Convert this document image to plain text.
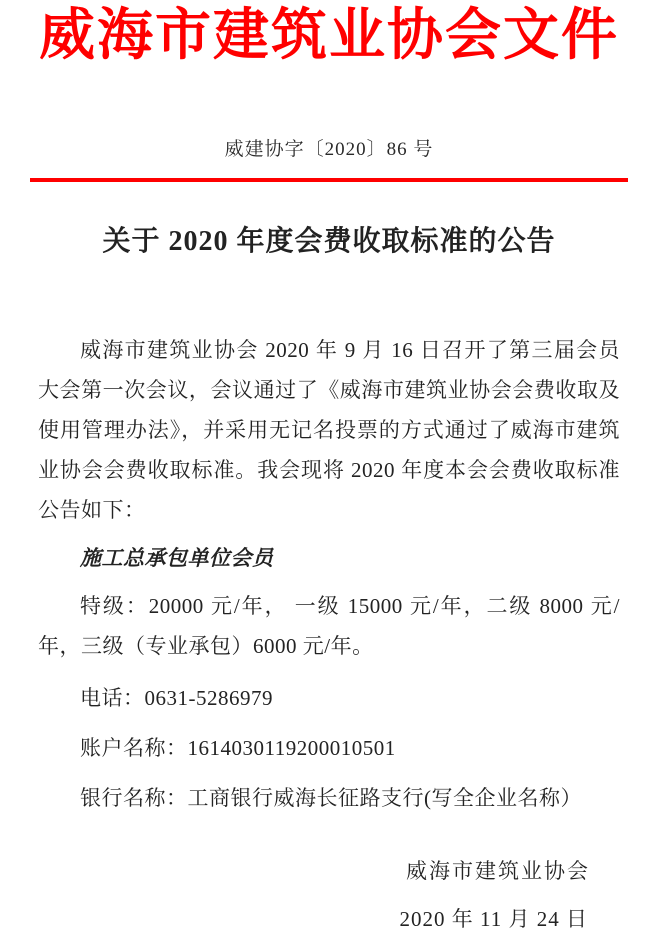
威海市建筑业协会文件
威建协字〔2020〕86 号
关于 2020 年度会费收取标准的公告

威海市建筑业协会 2020 年 9 月 16 日召开了第三届会员大会第一次会议，会议通过了《威海市建筑业协会会费收取及使用管理办法》，并采用无记名投票的方式通过了威海市建筑业协会会费收取标准。我会现将 2020 年度本会会费收取标准公告如下：

施工总承包单位会员

特级：20000 元/年， 一级 15000 元/年，二级 8000 元/年，三级（专业承包）6000 元/年。

电话：0631-5286979

账户名称：1614030119200010501

银行名称：工商银行威海长征路支行(写全企业名称）

威海市建筑业协会

2020 年 11 月 24 日
